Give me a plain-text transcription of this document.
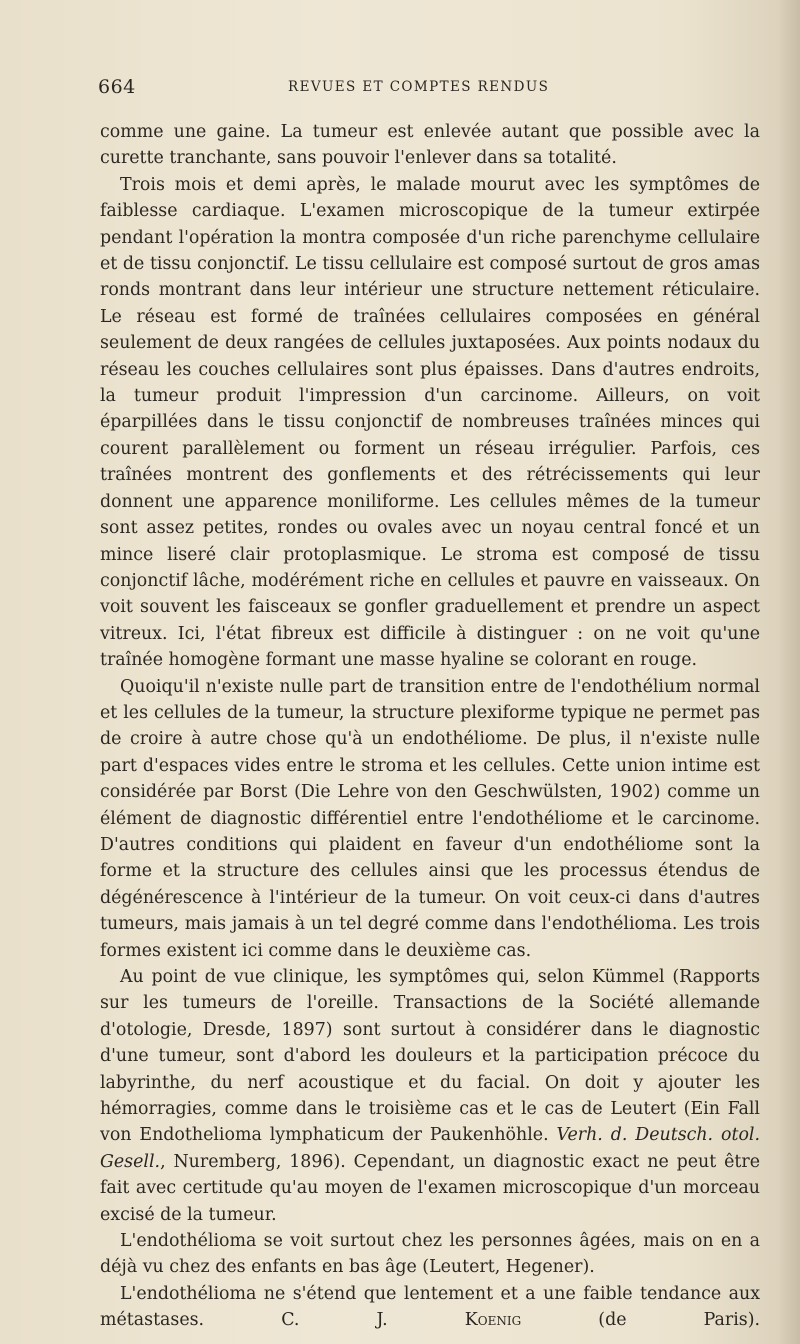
664	REVUES ET COMPTES RENDUS

comme une gaine. La tumeur est enlevée autant que possible avec la curette tranchante, sans pouvoir l'enlever dans sa totalité.

Trois mois et demi après, le malade mourut avec les symptômes de faiblesse cardiaque. L'examen microscopique de la tumeur extirpée pendant l'opération la montra composée d'un riche parenchyme cellulaire et de tissu conjonctif. Le tissu cellulaire est composé surtout de gros amas ronds montrant dans leur intérieur une structure nettement réticulaire. Le réseau est formé de traînées cellulaires composées en général seulement de deux rangées de cellules juxtaposées. Aux points nodaux du réseau les couches cellulaires sont plus épaisses. Dans d'autres endroits, la tumeur produit l'impression d'un carcinome. Ailleurs, on voit éparpillées dans le tissu conjonctif de nombreuses traînées minces qui courent parallèlement ou forment un réseau irrégulier. Parfois, ces traînées montrent des gonflements et des rétrécissements qui leur donnent une apparence moniliforme. Les cellules mêmes de la tumeur sont assez petites, rondes ou ovales avec un noyau central foncé et un mince liseré clair protoplasmique. Le stroma est composé de tissu conjonctif lâche, modérément riche en cellules et pauvre en vaisseaux. On voit souvent les faisceaux se gonfler graduellement et prendre un aspect vitreux. Ici, l'état fibreux est difficile à distinguer : on ne voit qu'une traînée homogène formant une masse hyaline se colorant en rouge.

Quoiqu'il n'existe nulle part de transition entre de l'endothélium normal et les cellules de la tumeur, la structure plexiforme typique ne permet pas de croire à autre chose qu'à un endothéliome. De plus, il n'existe nulle part d'espaces vides entre le stroma et les cellules. Cette union intime est considérée par Borst (Die Lehre von den Geschwülsten, 1902) comme un élément de diagnostic différentiel entre l'endothéliome et le carcinome. D'autres conditions qui plaident en faveur d'un endothéliome sont la forme et la structure des cellules ainsi que les processus étendus de dégénérescence à l'intérieur de la tumeur. On voit ceux-ci dans d'autres tumeurs, mais jamais à un tel degré comme dans l'endothélioma. Les trois formes existent ici comme dans le deuxième cas.

Au point de vue clinique, les symptômes qui, selon Kümmel (Rapports sur les tumeurs de l'oreille. Transactions de la Société allemande d'otologie, Dresde, 1897) sont surtout à considérer dans le diagnostic d'une tumeur, sont d'abord les douleurs et la participation précoce du labyrinthe, du nerf acoustique et du facial. On doit y ajouter les hémorragies, comme dans le troisième cas et le cas de Leutert (Ein Fall von Endothelioma lymphaticum der Paukenhöhle. Verh. d. Deutsch. otol. Gesell., Nuremberg, 1896). Cependant, un diagnostic exact ne peut être fait avec certitude qu'au moyen de l'examen microscopique d'un morceau excisé de la tumeur.

L'endothélioma se voit surtout chez les personnes âgées, mais on en a déjà vu chez des enfants en bas âge (Leutert, Hegener).

L'endothélioma ne s'étend que lentement et a une faible tendance aux métastases.	C. J. Koenig	(de Paris).
